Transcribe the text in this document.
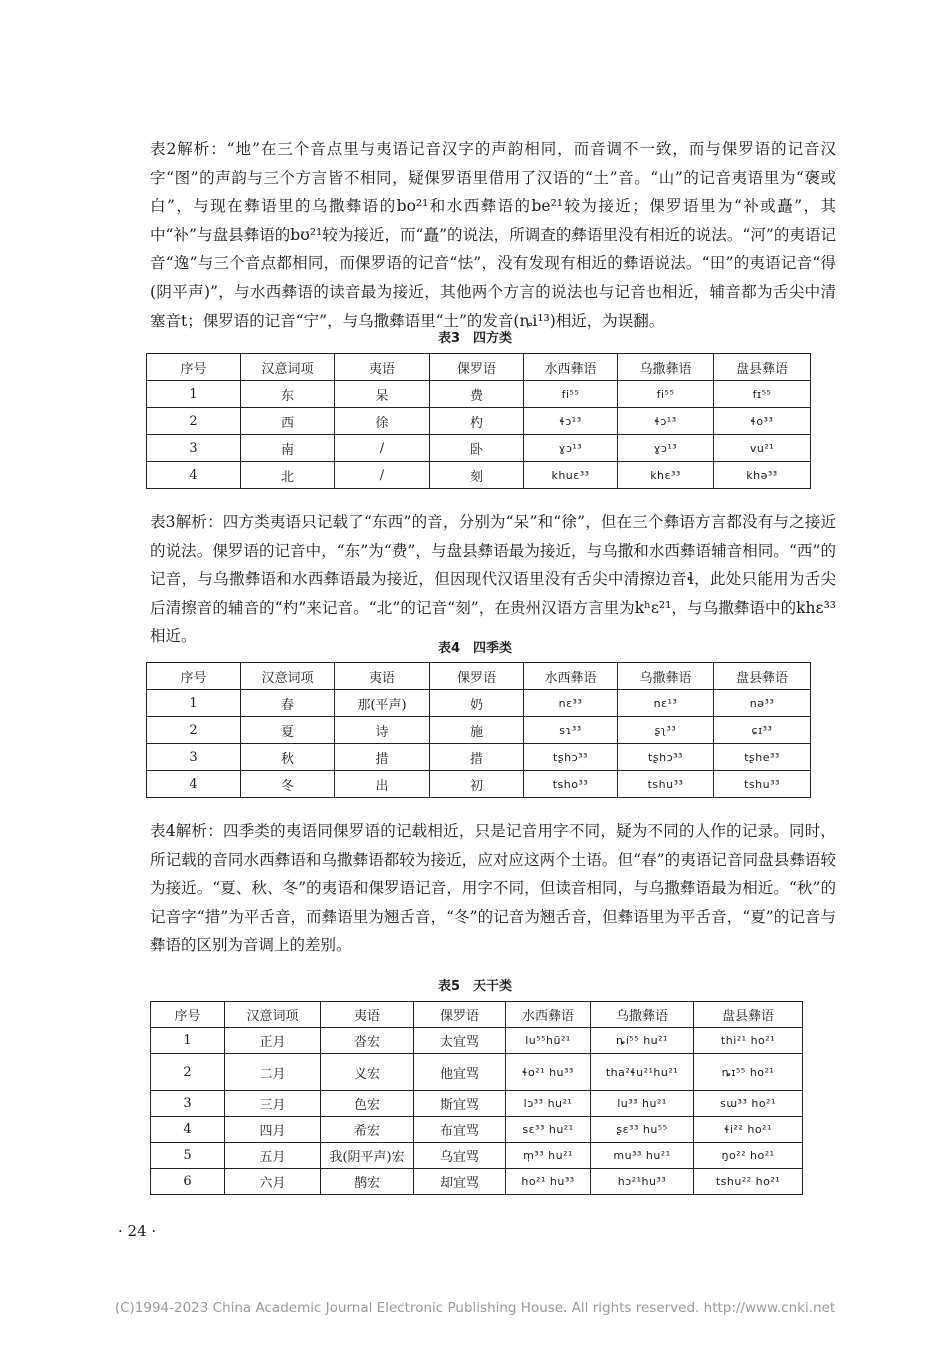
表2解析：“地”在三个音点里与夷语记音汉字的声韵相同，而音调不一致，而与倮罗语的记音汉字“图”的声韵与三个方言皆不相同，疑倮罗语里借用了汉语的“土”音。“山”的记音夷语里为“褒或白”，与现在彝语里的乌撒彝语的bo²¹和水西彝语的be²¹较为接近；倮罗语里为“补或矗”，其中“补”与盘县彝语的bʊ²¹较为接近，而“矗”的说法，所调查的彝语里没有相近的说法。“河”的夷语记音“逸”与三个音点都相同，而倮罗语的记音“怯”，没有发现有相近的彝语说法。“田”的夷语记音“得(阴平声)”，与水西彝语的读音最为接近，其他两个方言的说法也与记音也相近，辅音都为舌尖中清塞音t；倮罗语的记音“宁”，与乌撒彝语里“土”的发音(ȵi¹³)相近，为误翻。

表3　四方类
序号	汉意词项	夷语	倮罗语	水西彝语	乌撒彝语	盘县彝语
1	东	呆	费	fi⁵⁵	fi⁵⁵	fɪ⁵⁵
2	西	徐	杓	ɬɔ¹³	ɬɔ¹³	ɬo³³
3	南	/	卧	ɣɔ¹³	ɣɔ¹³	vu²¹
4	北	/	刻	khuɛ³³	khɛ³³	khə³³

表3解析：四方类夷语只记载了“东西”的音，分别为“呆”和“徐”，但在三个彝语方言都没有与之接近的说法。倮罗语的记音中，“东”为“费”，与盘县彝语最为接近，与乌撒和水西彝语辅音相同。“西”的记音，与乌撒彝语和水西彝语最为接近，但因现代汉语里没有舌尖中清擦边音ɬ，此处只能用为舌尖后清擦音的辅音的“杓”来记音。“北”的记音“刻”，在贵州汉语方言里为kʰɛ²¹，与乌撒彝语中的khɛ³³相近。

表4　四季类
序号	汉意词项	夷语	倮罗语	水西彝语	乌撒彝语	盘县彝语
1	春	那(平声)	奶	nɛ³³	nɛ¹³	nə³³
2	夏	诗	施	sɿ³³	ʂʅ³³	ɕɪ³³
3	秋	措	措	tʂhɔ³³	tʂhɔ³³	tʂhe³³
4	冬	出	初	tsho³³	tshu³³	tshu³³

表4解析：四季类的夷语同倮罗语的记载相近，只是记音用字不同，疑为不同的人作的记录。同时，所记载的音同水西彝语和乌撒彝语都较为接近，应对应这两个土语。但“春”的夷语记音同盘县彝语较为接近。“夏、秋、冬”的夷语和倮罗语记音，用字不同，但读音相同，与乌撒彝语最为相近。“秋”的记音字“措”为平舌音，而彝语里为翘舌音，“冬”的记音为翘舌音，但彝语里为平舌音，“夏”的记音与彝语的区别为音调上的差别。

表5　天干类
序号	汉意词项	夷语	倮罗语	水西彝语	乌撒彝语	盘县彝语
1	正月	沓宏	太宜骂	lu⁵⁵hũ²¹	ȵi⁵⁵ hu²¹	thi²¹ ho²¹
2	二月	义宏	他宜骂	ɬo²¹ hu³³	tha²ɬu²¹hu²¹	ȵɪ⁵⁵ ho²¹
3	三月	色宏	斯宜骂	lɔ³³ hu²¹	lu³³ hu²¹	sɯ³³ ho²¹
4	四月	希宏	布宜骂	sɛ³³ hu²¹	ʂɛ³³ hu⁵⁵	ɬi²² ho²¹
5	五月	我(阴平声)宏	乌宜骂	m̩³³ hu²¹	mu³³ hu²¹	ŋo²² ho²¹
6	六月	鹊宏	却宜骂	ho²¹ hu³³	hɔ²¹hu³³	tshu²² ho²¹
· 24 ·
(C)1994-2023 China Academic Journal Electronic Publishing House. All rights reserved. http://www.cnki.net
